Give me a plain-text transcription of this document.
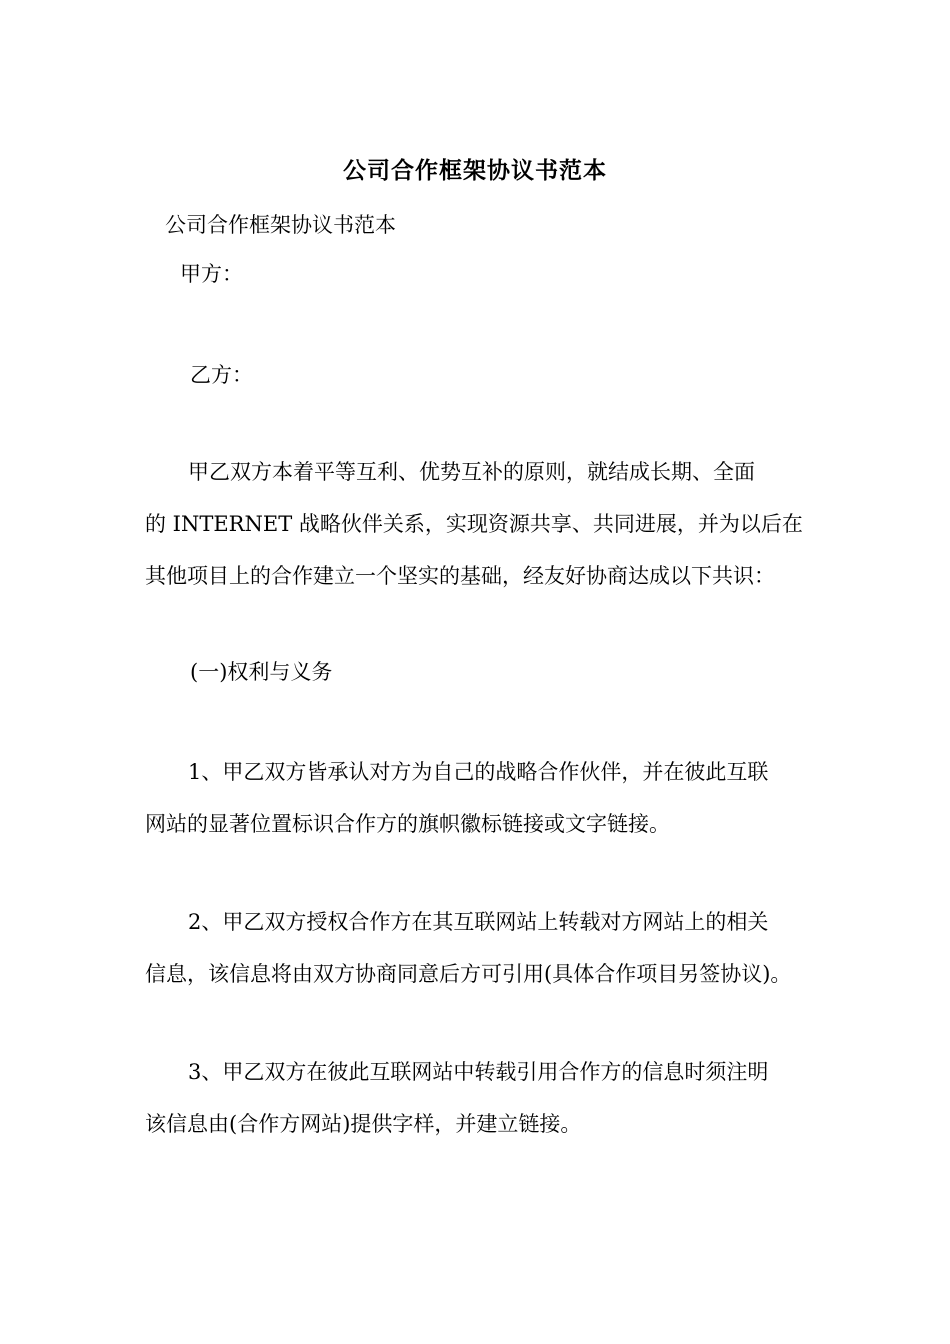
公司合作框架协议书范本
公司合作框架协议书范本
甲方：
乙方：

甲乙双方本着平等互利、优势互补的原则，就结成长期、全面

的 INTERNET 战略伙伴关系，实现资源共享、共同进展，并为以后在

其他项目上的合作建立一个坚实的基础，经友好协商达成以下共识：

(一)权利与义务

1、甲乙双方皆承认对方为自己的战略合作伙伴，并在彼此互联

网站的显著位置标识合作方的旗帜徽标链接或文字链接。

2、甲乙双方授权合作方在其互联网站上转载对方网站上的相关

信息，该信息将由双方协商同意后方可引用(具体合作项目另签协议)。

3、甲乙双方在彼此互联网站中转载引用合作方的信息时须注明

该信息由(合作方网站)提供字样，并建立链接。
